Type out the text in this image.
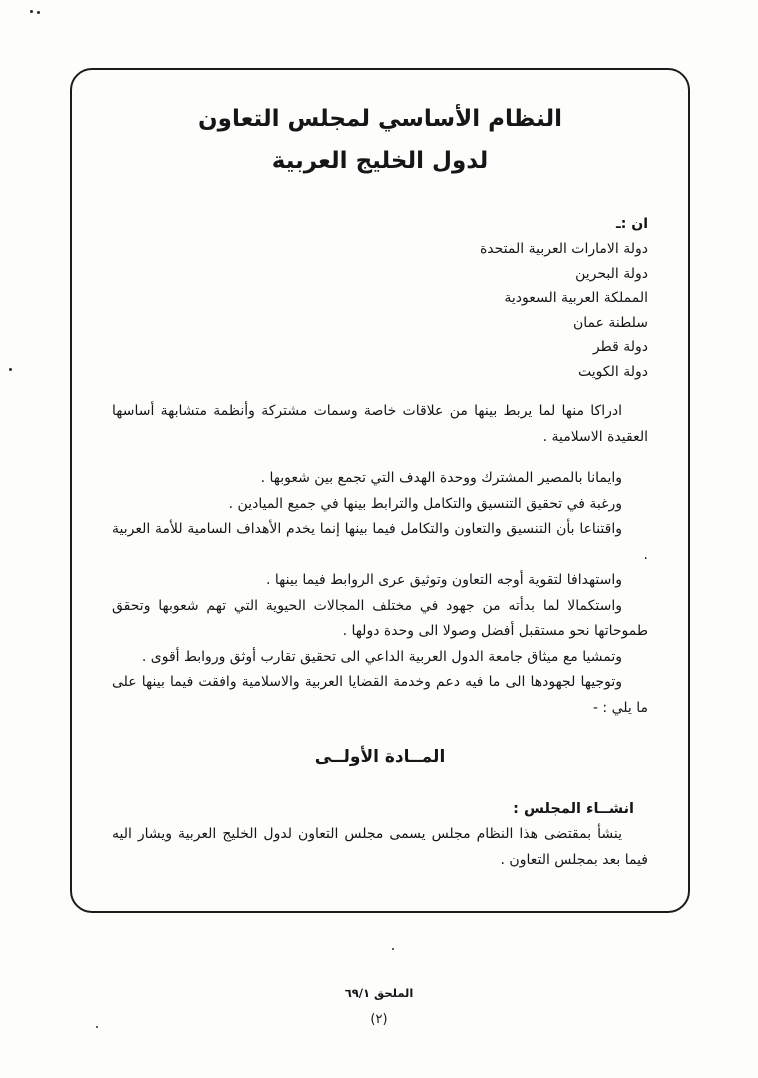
النظام الأساسي لمجلس التعاون
لدول الخليج العربية
ان :ـ
دولة الامارات العربية المتحدة
دولة البحرين
المملكة العربية السعودية
سلطنة عمان
دولة قطر
دولة الكويت

ادراكا منها لما يربط بينها من علاقات خاصة وسمات مشتركة وأنظمة متشابهة أساسها العقيدة الاسلامية .

وايمانا بالمصير المشترك ووحدة الهدف التي تجمع بين شعوبها .

ورغبة في تحقيق التنسيق والتكامل والترابط بينها في جميع الميادين .

واقتناعا بأن التنسيق والتعاون والتكامل فيما بينها إنما يخدم الأهداف السامية للأمة العربية .

واستهدافا لتقوية أوجه التعاون وتوثيق عرى الروابط فيما بينها .

واستكمالا لما بدأته من جهود في مختلف المجالات الحيوية التي تهم شعوبها وتحقق طموحاتها نحو مستقبل أفضل وصولا الى وحدة دولها .

وتمشيا مع ميثاق جامعة الدول العربية الداعي الى تحقيق تقارب أوثق وروابط أقوى .

وتوجيها لجهودها الى ما فيه دعم وخدمة القضايا العربية والاسلامية وافقت فيما بينها على ما يلي : -

المــادة الأولــى
انشــاء المجلس :

ينشأ بمقتضى هذا النظام مجلس يسمى مجلس التعاون لدول الخليج العربية ويشار اليه فيما بعد بمجلس التعاون .

الملحق ٦٩/١
(٢)
